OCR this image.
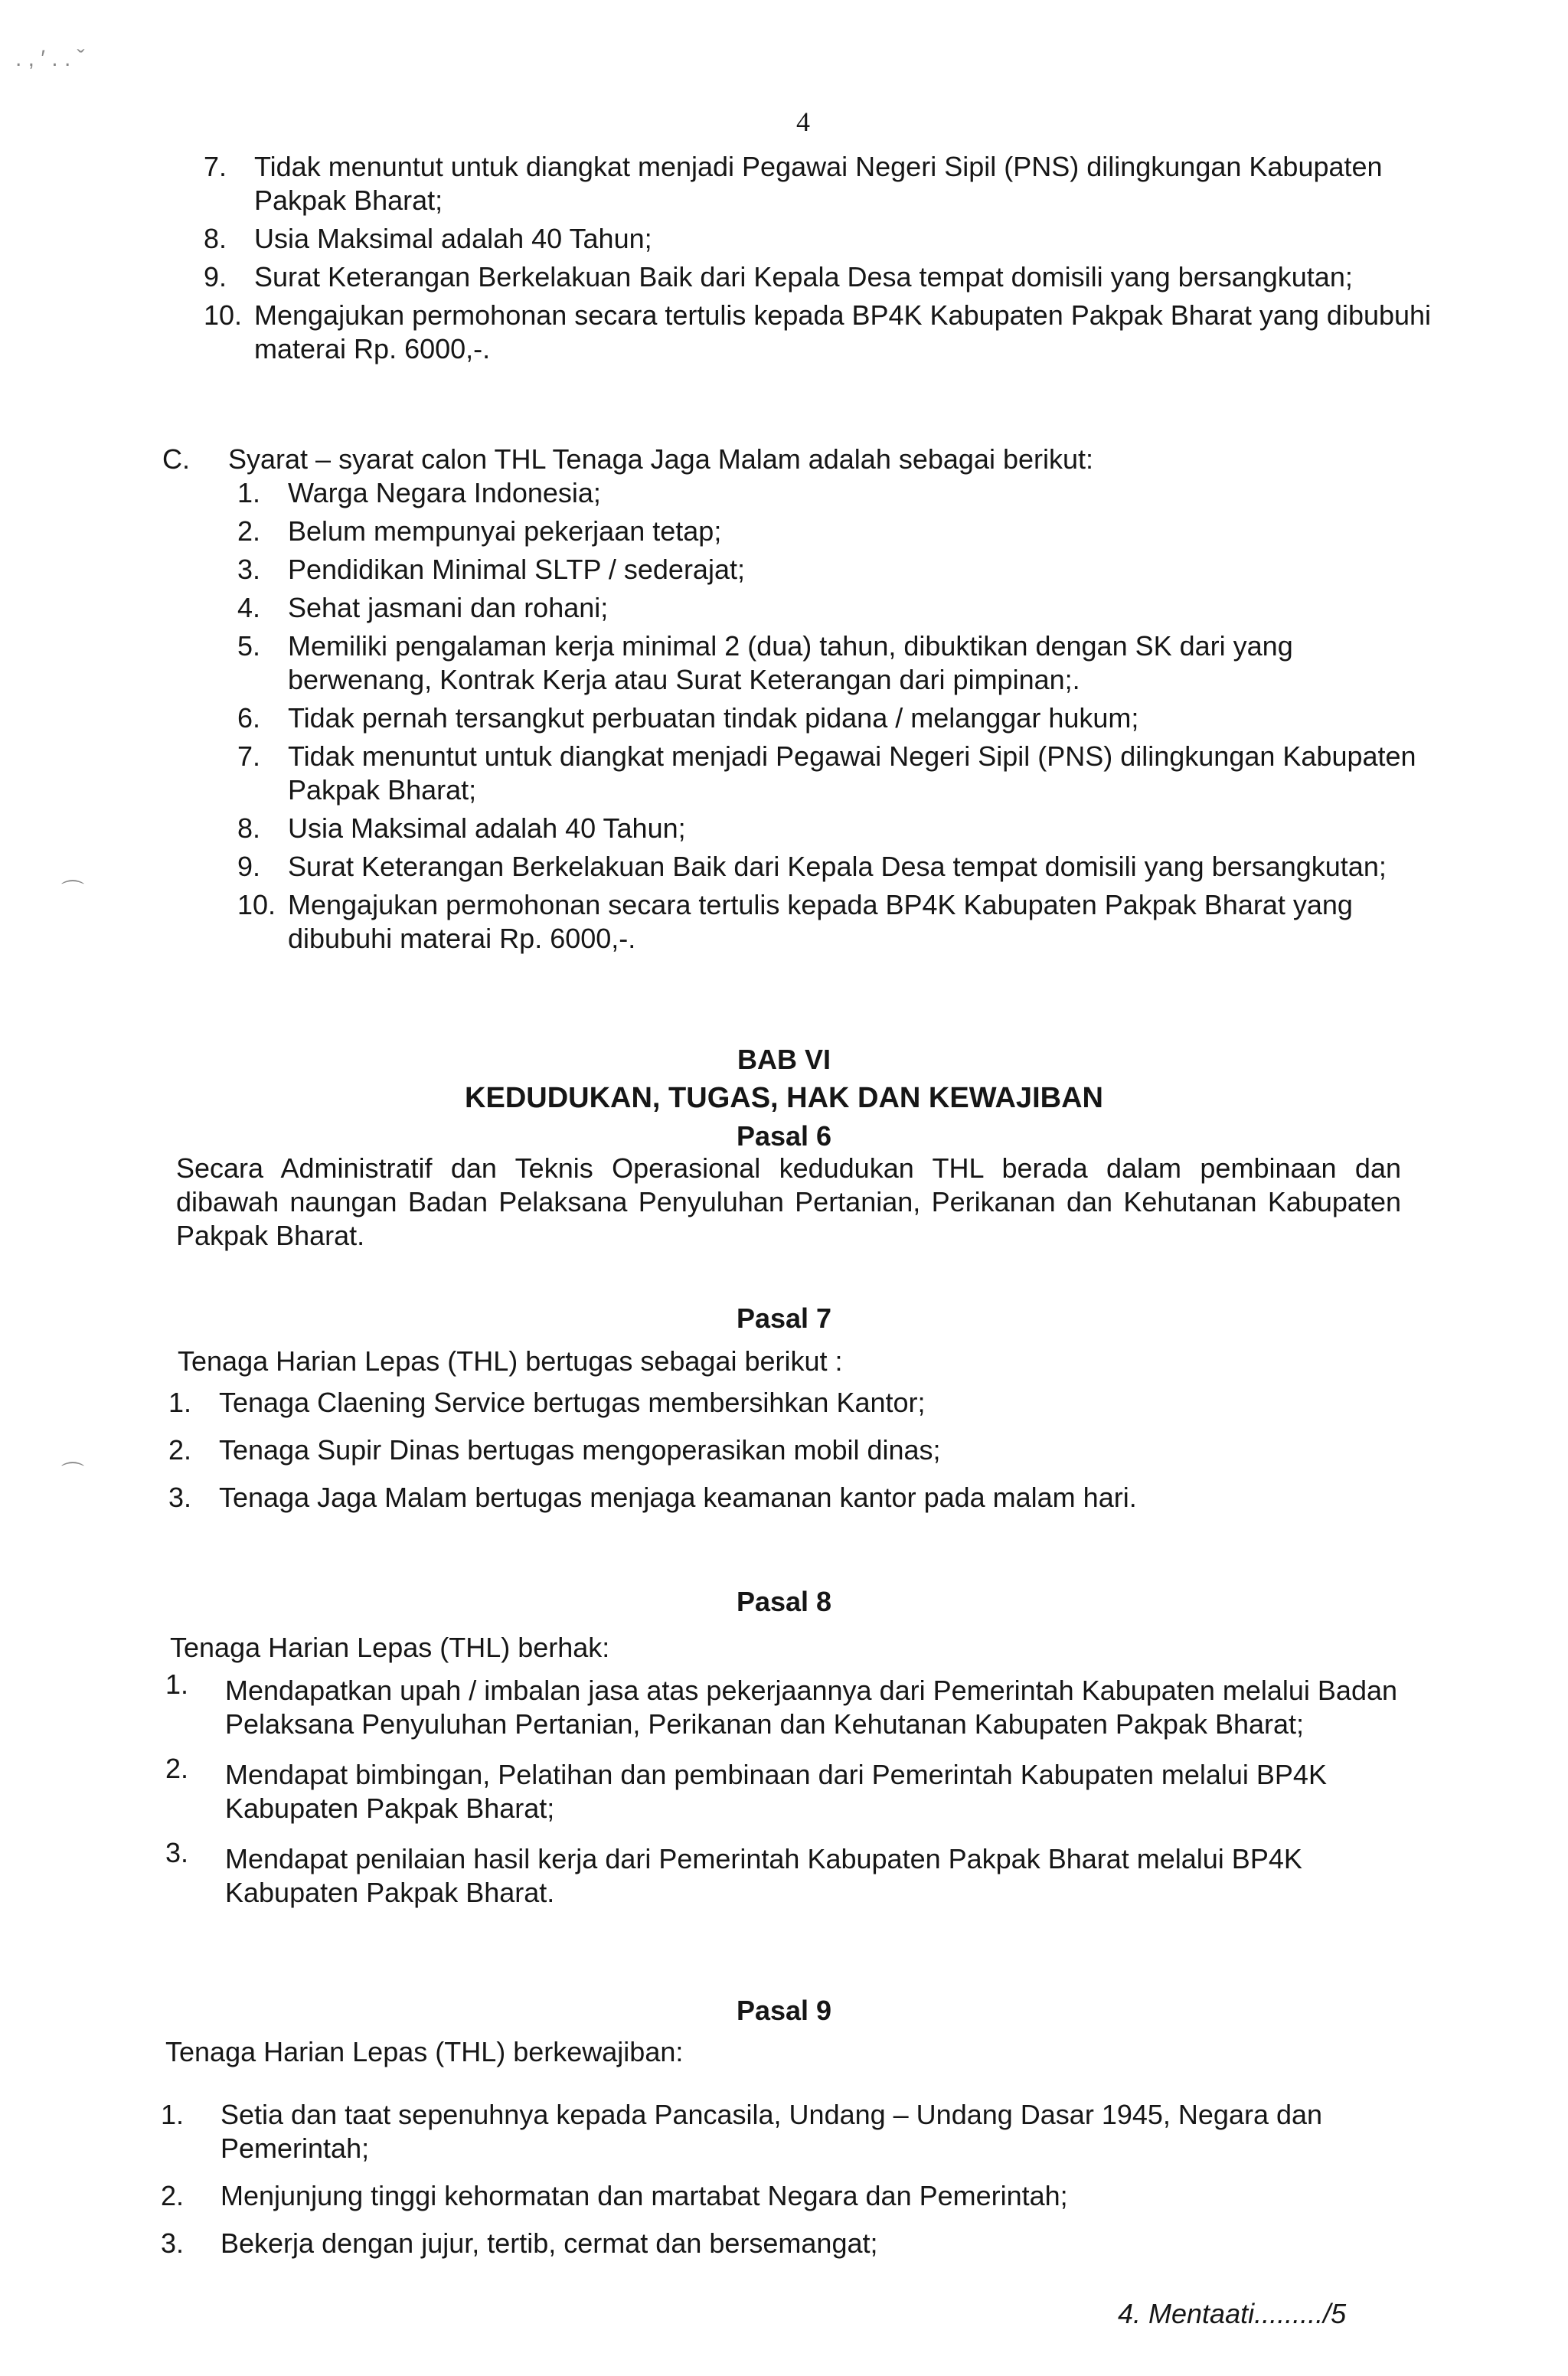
. , ′ . . ˇ
⌒
⌒
4
7. Tidak menuntut untuk diangkat menjadi Pegawai Negeri Sipil (PNS) dilingkungan Kabupaten Pakpak Bharat;
8. Usia Maksimal adalah 40 Tahun;
9. Surat Keterangan Berkelakuan Baik dari Kepala Desa tempat domisili yang bersangkutan;
10. Mengajukan permohonan secara tertulis kepada BP4K Kabupaten Pakpak Bharat yang dibubuhi materai Rp. 6000,-.
C. Syarat – syarat calon THL Tenaga Jaga Malam adalah sebagai berikut:
1. Warga Negara Indonesia;
2. Belum mempunyai pekerjaan tetap;
3. Pendidikan Minimal SLTP / sederajat;
4. Sehat jasmani dan rohani;
5. Memiliki pengalaman kerja minimal 2 (dua) tahun, dibuktikan dengan SK dari yang berwenang, Kontrak Kerja atau Surat Keterangan dari pimpinan;.
6. Tidak pernah tersangkut perbuatan tindak pidana / melanggar hukum;
7. Tidak menuntut untuk diangkat menjadi Pegawai Negeri Sipil (PNS) dilingkungan Kabupaten Pakpak Bharat;
8. Usia Maksimal adalah 40 Tahun;
9. Surat Keterangan Berkelakuan Baik dari Kepala Desa tempat domisili yang bersangkutan;
10. Mengajukan permohonan secara tertulis kepada BP4K Kabupaten Pakpak Bharat yang dibubuhi materai Rp. 6000,-.
BAB VI
KEDUDUKAN, TUGAS, HAK DAN KEWAJIBAN
Pasal 6
Secara Administratif dan Teknis Operasional kedudukan THL berada dalam pembinaan dan dibawah naungan Badan Pelaksana Penyuluhan Pertanian, Perikanan dan Kehutanan Kabupaten Pakpak Bharat.
Pasal 7
Tenaga Harian Lepas (THL) bertugas sebagai berikut :
1. Tenaga Claening Service bertugas membersihkan Kantor;
2. Tenaga Supir Dinas bertugas mengoperasikan mobil dinas;
3. Tenaga Jaga Malam bertugas menjaga keamanan kantor pada malam hari.
Pasal 8
Tenaga Harian Lepas (THL) berhak:
1. Mendapatkan upah / imbalan jasa atas pekerjaannya dari Pemerintah Kabupaten melalui Badan Pelaksana Penyuluhan Pertanian, Perikanan dan Kehutanan Kabupaten Pakpak Bharat;
2. Mendapat bimbingan, Pelatihan dan pembinaan dari Pemerintah Kabupaten melalui BP4K Kabupaten Pakpak Bharat;
3. Mendapat penilaian hasil kerja dari Pemerintah Kabupaten Pakpak Bharat melalui BP4K Kabupaten Pakpak Bharat.
Pasal 9
Tenaga Harian Lepas (THL) berkewajiban:
1. Setia dan taat sepenuhnya kepada Pancasila, Undang – Undang Dasar 1945, Negara dan Pemerintah;
2. Menjunjung tinggi kehormatan dan martabat Negara dan Pemerintah;
3. Bekerja dengan jujur, tertib, cermat dan bersemangat;
4. Mentaati........./5
